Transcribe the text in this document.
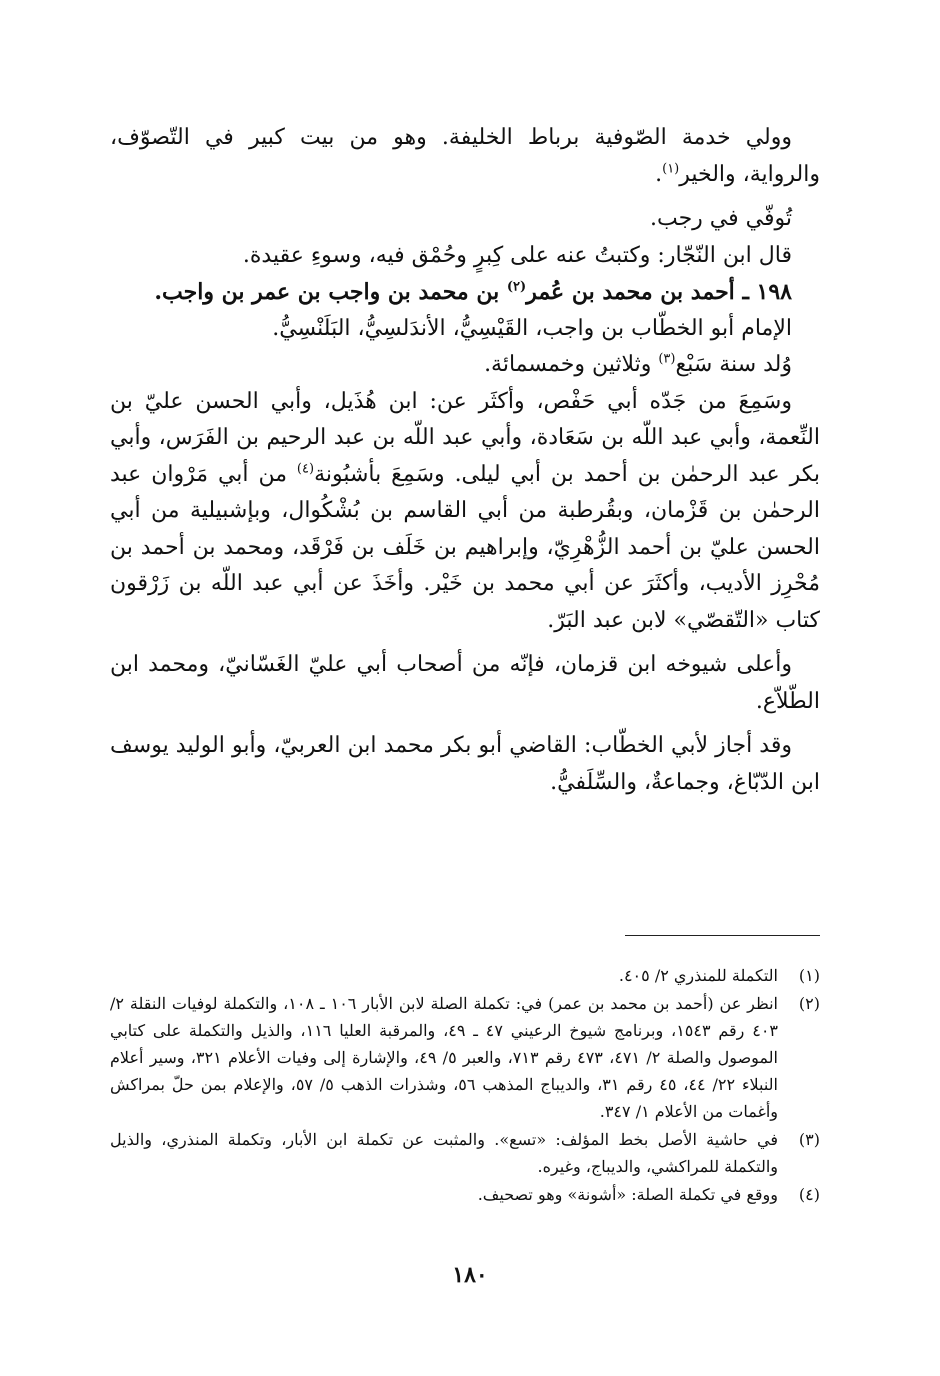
وولي خدمة الصّوفية برباط الخليفة. وهو من بيت كبير في التّصوّف، والرواية، والخير$^{(١)}$.

تُوفّي في رجب.

قال ابن النّجّار: وكتبتُ عنه على كِبرٍ وحُمْق فيه، وسوءِ عقيدة.

١٩٨ ـ أحمد بن محمد بن عُمر$^{(٢)}$ بن محمد بن واجب بن عمر بن واجب.

الإمام أبو الخطّاب بن واجب، القَيْسِيُّ، الأندَلسِيُّ، البَلَنْسِيُّ.

وُلد سنة سَبْع$^{(٣)}$ وثلاثين وخمسمائة.

وسَمِعَ من جَدّه أبي حَفْص، وأكثَر عن: ابن هُذَيل، وأبي الحسن عليّ بن النِّعمة، وأبي عبد اللّه بن سَعَادة، وأبي عبد اللّه بن عبد الرحيم بن الفَرَس، وأبي بكر عبد الرحمٰن بن أحمد بن أبي ليلى. وسَمِعَ بأشبُونة$^{(٤)}$ من أبي مَرْوان عبد الرحمٰن بن قَزْمان، وبقُرطبة من أبي القاسم بن بُشْكُوال، وبإشبيلية من أبي الحسن عليّ بن أحمد الزُّهْرِيّ، وإبراهيم بن خَلَف بن فَرْقَد، ومحمد بن أحمد بن مُحْرِز الأديب، وأكثَرَ عن أبي محمد بن خَيْر. وأخَذَ عن أبي عبد اللّه بن زَرْقون كتاب «التّقصّي» لابن عبد البَرّ.

وأعلى شيوخه ابن قزمان، فإنّه من أصحاب أبي عليّ الغَسّانيّ، ومحمد ابن الطّلاّع.

وقد أجاز لأبي الخطّاب: القاضي أبو بكر محمد ابن العربيّ، وأبو الوليد يوسف ابن الدّبّاغ، وجماعةٌ، والسِّلَفيُّ.

(١)
التكملة للمنذري ٢/ ٤٠٥.
(٢)
انظر عن (أحمد بن محمد بن عمر) في: تكملة الصلة لابن الأبار ١٠٦ ـ ١٠٨، والتكملة لوفيات النقلة ٢/ ٤٠٣ رقم ١٥٤٣، وبرنامج شيوخ الرعيني ٤٧ ـ ٤٩، والمرقبة العليا ١١٦، والذيل والتكملة على كتابي الموصول والصلة ٢/ ٤٧١، ٤٧٣ رقم ٧١٣، والعبر ٥/ ٤٩، والإشارة إلى وفيات الأعلام ٣٢١، وسير أعلام النبلاء ٢٢/ ٤٤، ٤٥ رقم ٣١، والديباج المذهب ٥٦، وشذرات الذهب ٥/ ٥٧، والإعلام بمن حلّ بمراكش وأغمات من الأعلام ١/ ٣٤٧.
(٣)
في حاشية الأصل بخط المؤلف: «تسع». والمثبت عن تكملة ابن الأبار، وتكملة المنذري، والذيل والتكملة للمراكشي، والديباج، وغيره.
(٤)
ووقع في تكملة الصلة: «أشونة» وهو تصحيف.
١٨٠
